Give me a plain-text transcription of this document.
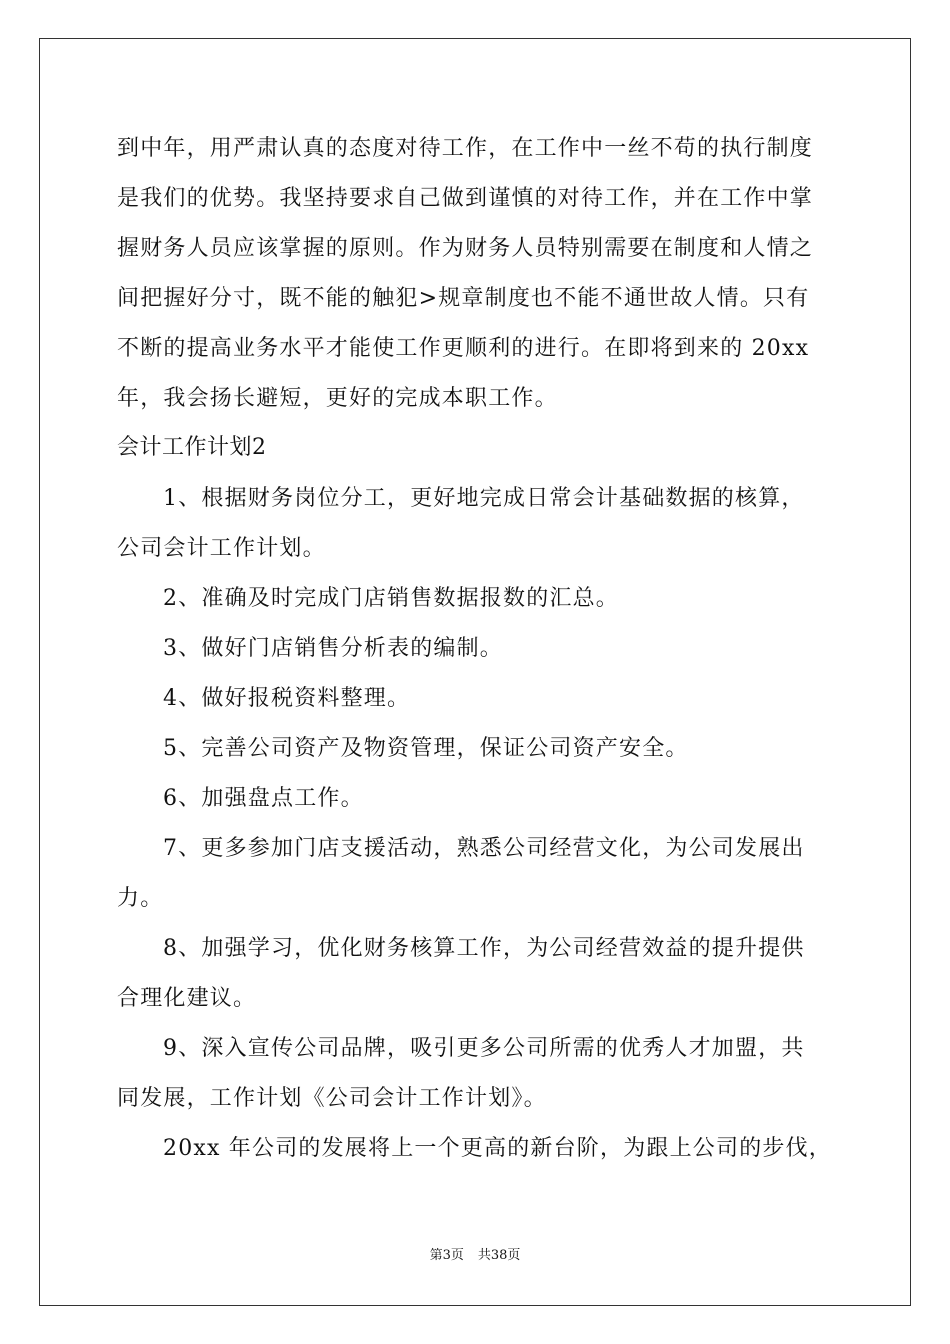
到中年，用严肃认真的态度对待工作，在工作中一丝不苟的执行制度
是我们的优势。我坚持要求自己做到谨慎的对待工作，并在工作中掌
握财务人员应该掌握的原则。作为财务人员特别需要在制度和人情之
间把握好分寸，既不能的触犯>规章制度也不能不通世故人情。只有
不断的提高业务水平才能使工作更顺利的进行。在即将到来的 20xx
年，我会扬长避短，更好的完成本职工作。
会计工作计划2
1、根据财务岗位分工，更好地完成日常会计基础数据的核算，
公司会计工作计划。
2、准确及时完成门店销售数据报数的汇总。
3、做好门店销售分析表的编制。
4、做好报税资料整理。
5、完善公司资产及物资管理，保证公司资产安全。
6、加强盘点工作。
7、更多参加门店支援活动，熟悉公司经营文化，为公司发展出
力。
8、加强学习，优化财务核算工作，为公司经营效益的提升提供
合理化建议。
9、深入宣传公司品牌，吸引更多公司所需的优秀人才加盟，共
同发展，工作计划《公司会计工作计划》。
20xx 年公司的发展将上一个更高的新台阶，为跟上公司的步伐，
第3页 共38页
